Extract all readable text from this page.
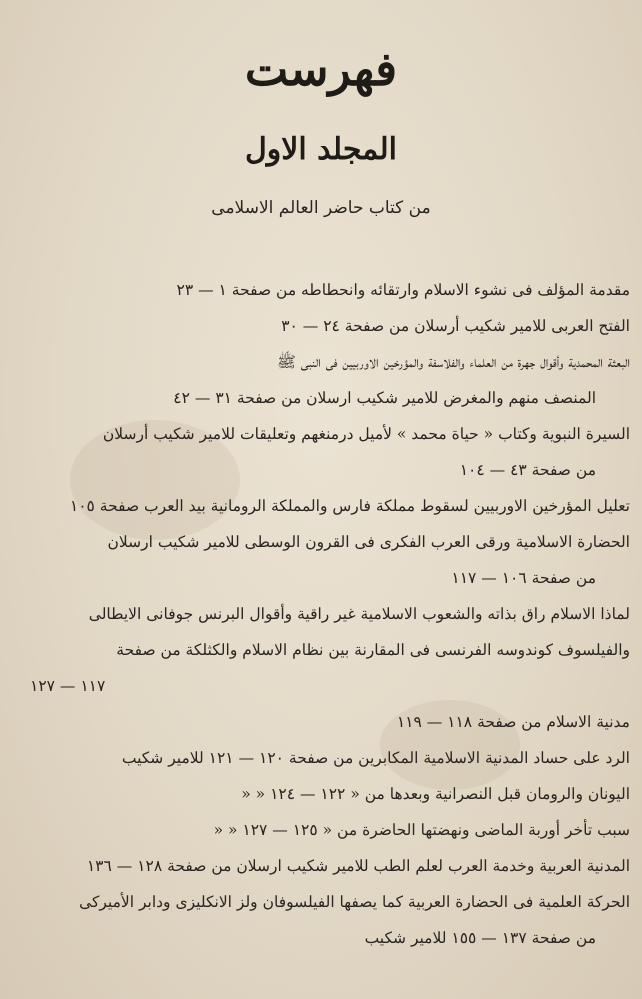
فهرست
المجلد الاول
من كتاب حاضر العالم الاسلامى
مقدمة المؤلف فى نشوء الاسلام وارتقائه وانحطاطه من صفحة ١ — ٢٣
الفتح العربى للامير شكيب أرسلان من صفحة ٢٤ — ٣٠
البعثة المحمدية وأقوال جهرة من العلماء والفلاسفة والمؤرخين الاوربيين فى النبى ﷺ
المنصف منهم والمغرض للامير شكيب ارسلان من صفحة ٣١ — ٤٢
السيرة النبوية وكتاب « حياة محمد » لأميل درمنغهم وتعليقات للامير شكيب أرسلان
من صفحة ٤٣ — ١٠٤
تعليل المؤرخين الاوربيين لسقوط مملكة فارس والمملكة الرومانية بيد العرب صفحة ١٠٥
الحضارة الاسلامية ورقى العرب الفكرى فى القرون الوسطى للامير شكيب ارسلان
من صفحة ١٠٦ — ١١٧
لماذا الاسلام راق بذاته والشعوب الاسلامية غير راقية وأقوال البرنس جوفانى الايطالى
والفيلسوف كوندوسه الفرنسى فى المقارنة بين نظام الاسلام والكثلكة من صفحة
١١٧ — ١٢٧
مدنية الاسلام من صفحة ١١٨ — ١١٩
الرد على حساد المدنية الاسلامية المكابرين من صفحة ١٢٠ — ١٢١ للامير شكيب
اليونان والرومان قبل النصرانية وبعدها من « ١٢٢ — ١٢٤ « «
سبب تأخر أوربة الماضى ونهضتها الحاضرة من « ١٢٥ — ١٢٧ « «
المدنية العربية وخدمة العرب لعلم الطب للامير شكيب ارسلان من صفحة ١٢٨ — ١٣٦
الحركة العلمية فى الحضارة العربية كما يصفها الفيلسوفان ولز الانكليزى ودابر الأميركى
من صفحة ١٣٧ — ١٥٥ للامير شكيب
